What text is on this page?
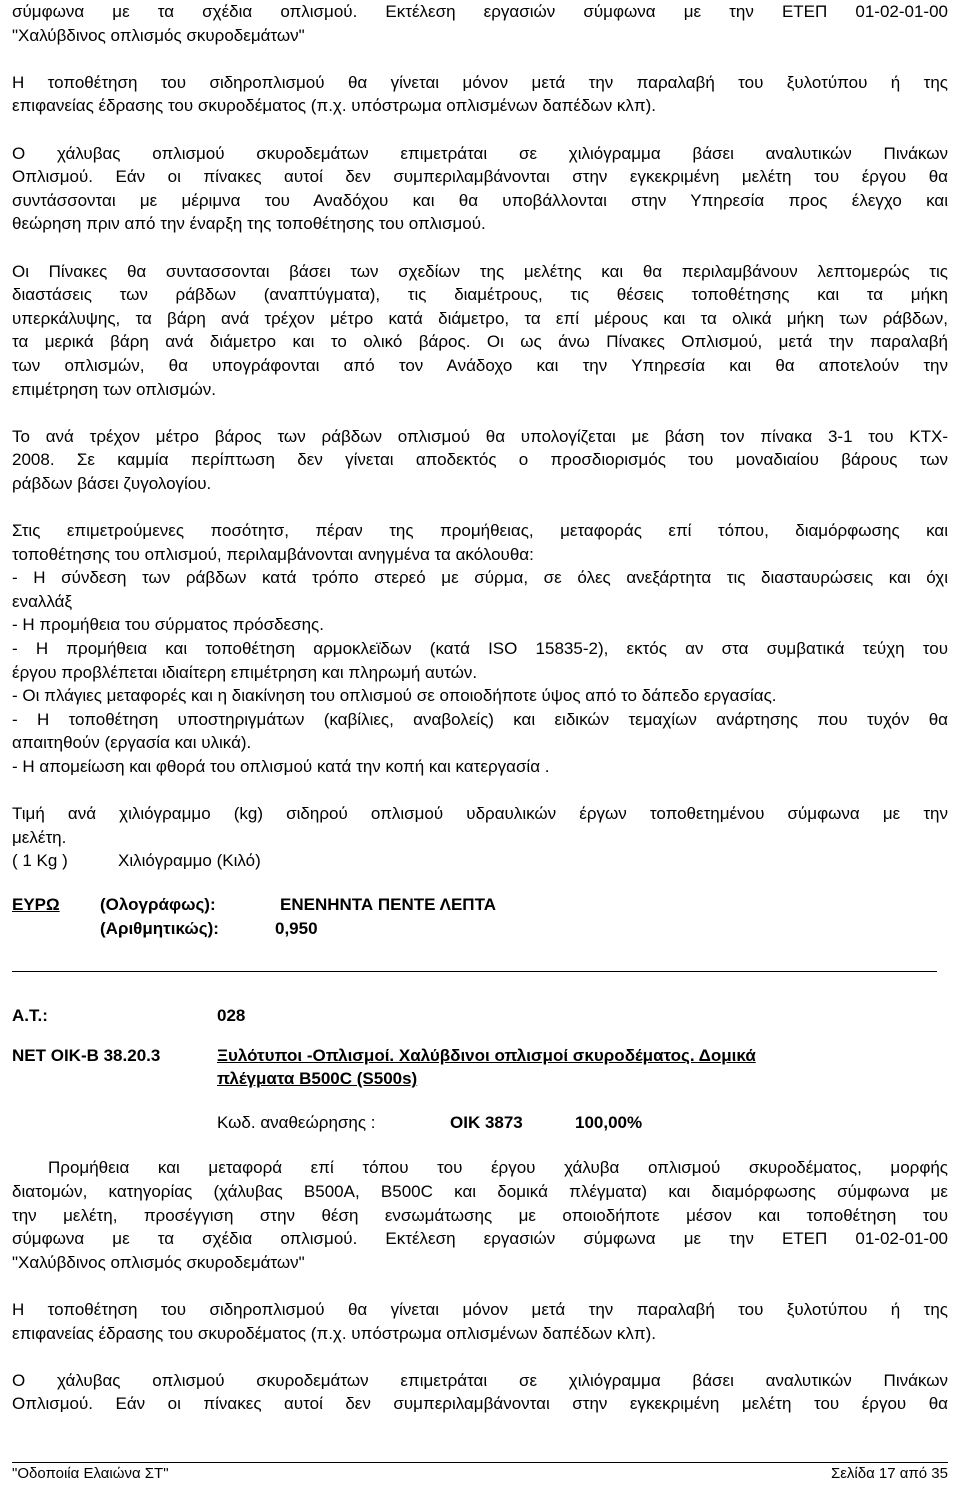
σύμφωνα με τα σχέδια οπλισμού. Εκτέλεση εργασιών σύμφωνα με την ΕΤΕΠ 01-02-01-00
"Χαλύβδινος οπλισμός σκυροδεμάτων"
Η τοποθέτηση του σιδηροπλισμού θα γίνεται μόνον μετά την παραλαβή του ξυλοτύπου ή της
επιφανείας έδρασης του σκυροδέματος (π.χ. υπόστρωμα οπλισμένων δαπέδων κλπ).
Ο χάλυβας οπλισμού σκυροδεμάτων επιμετράται σε χιλιόγραμμα βάσει αναλυτικών Πινάκων
Οπλισμού. Εάν οι πίνακες αυτοί δεν συμπεριλαμβάνονται στην εγκεκριμένη μελέτη του έργου θα
συντάσσονται με μέριμνα του Αναδόχου και θα υποβάλλονται στην Υπηρεσία προς έλεγχο και
θεώρηση πριν από την έναρξη της τοποθέτησης του οπλισμού.
Οι Πίνακες θα συντασσονται βάσει των σχεδίων της μελέτης και θα περιλαμβάνουν λεπτομερώς τις
διαστάσεις των ράβδων (αναπτύγματα), τις διαμέτρους, τις θέσεις τοποθέτησης και τα μήκη
υπερκάλυψης, τα βάρη ανά τρέχον μέτρο κατά διάμετρο, τα επί μέρους και τα ολικά μήκη των ράβδων,
τα μερικά βάρη ανά διάμετρο και το ολικό βάρος. Οι ως άνω Πίνακες Οπλισμού, μετά την παραλαβή
των οπλισμών, θα υπογράφονται από τον Ανάδοχο και την Υπηρεσία και θα αποτελούν την
επιμέτρηση των οπλισμών.
Το ανά τρέχον μέτρο βάρος των ράβδων οπλισμού θα υπολογίζεται με βάση τον πίνακα 3-1 του ΚΤΧ-
2008. Σε καμμία περίπτωση δεν γίνεται αποδεκτός ο προσδιορισμός του μοναδιαίου βάρους των
ράβδων βάσει ζυγολογίου.
Στις επιμετρούμενες ποσότητσ, πέραν της προμήθειας, μεταφοράς επί τόπου, διαμόρφωσης και
τοποθέτησης του οπλισμού, περιλαμβάνονται ανηγμένα τα ακόλουθα:
- Η σύνδεση των ράβδων κατά τρόπο στερεό με σύρμα, σε όλες ανεξάρτητα τις διασταυρώσεις και όχι
εναλλάξ
- Η προμήθεια του σύρματος πρόσδεσης.
- Η προμήθεια και τοποθέτηση αρμοκλεϊδων (κατά ISO 15835-2), εκτός αν στα συμβατικά τεύχη του
έργου προβλέπεται ιδιαίτερη επιμέτρηση και πληρωμή αυτών.
- Οι πλάγιες μεταφορές και η διακίνηση του οπλισμού σε οποιοδήποτε ύψος από το δάπεδο εργασίας.
- Η τοποθέτηση υποστηριγμάτων (καβίλιες, αναβολείς) και ειδικών τεμαχίων ανάρτησης που τυχόν θα
απαιτηθούν (εργασία και υλικά).
- Η απομείωση και φθορά του οπλισμού κατά την κοπή και κατεργασία .
Τιμή ανά χιλιόγραμμο (kg) σιδηρού οπλισμού υδραυλικών έργων τοποθετημένου σύμφωνα με την
μελέτη.
( 1 Kg )	Χιλιόγραμμο (Κιλό)
ΕΥΡΩ	(Ολογράφως):	ΕΝΕΝΗΝΤΑ ΠΕΝΤΕ ΛΕΠΤΑ
(Αριθμητικώς):	0,950
Α.Τ.:	028
ΝΕΤ ΟΙΚ-Β 38.20.3	Ξυλότυποι -Οπλισμοί. Χαλύβδινοι οπλισμοί σκυροδέματος. Δομικά
πλέγματα B500C (S500s)
Κωδ. αναθεώρησης :	ΟΙΚ 3873	100,00%
Προμήθεια και μεταφορά επί τόπου του έργου χάλυβα οπλισμού σκυροδέματος, μορφής
διατομών, κατηγορίας (χάλυβας Β500Α, Β500C και δομικά πλέγματα) και διαμόρφωσης σύμφωνα με
την μελέτη, προσέγγιση στην θέση ενσωμάτωσης με οποιοδήποτε μέσον και τοποθέτηση του
σύμφωνα με τα σχέδια οπλισμού. Εκτέλεση εργασιών σύμφωνα με την ΕΤΕΠ 01-02-01-00
"Χαλύβδινος οπλισμός σκυροδεμάτων"
Η τοποθέτηση του σιδηροπλισμού θα γίνεται μόνον μετά την παραλαβή του ξυλοτύπου ή της
επιφανείας έδρασης του σκυροδέματος (π.χ. υπόστρωμα οπλισμένων δαπέδων κλπ).
Ο χάλυβας οπλισμού σκυροδεμάτων επιμετράται σε χιλιόγραμμα βάσει αναλυτικών Πινάκων
Οπλισμού. Εάν οι πίνακες αυτοί δεν συμπεριλαμβάνονται στην εγκεκριμένη μελέτη του έργου θα
"Οδοποιία Ελαιώνα ΣΤ"	Σελίδα 17 από 35
